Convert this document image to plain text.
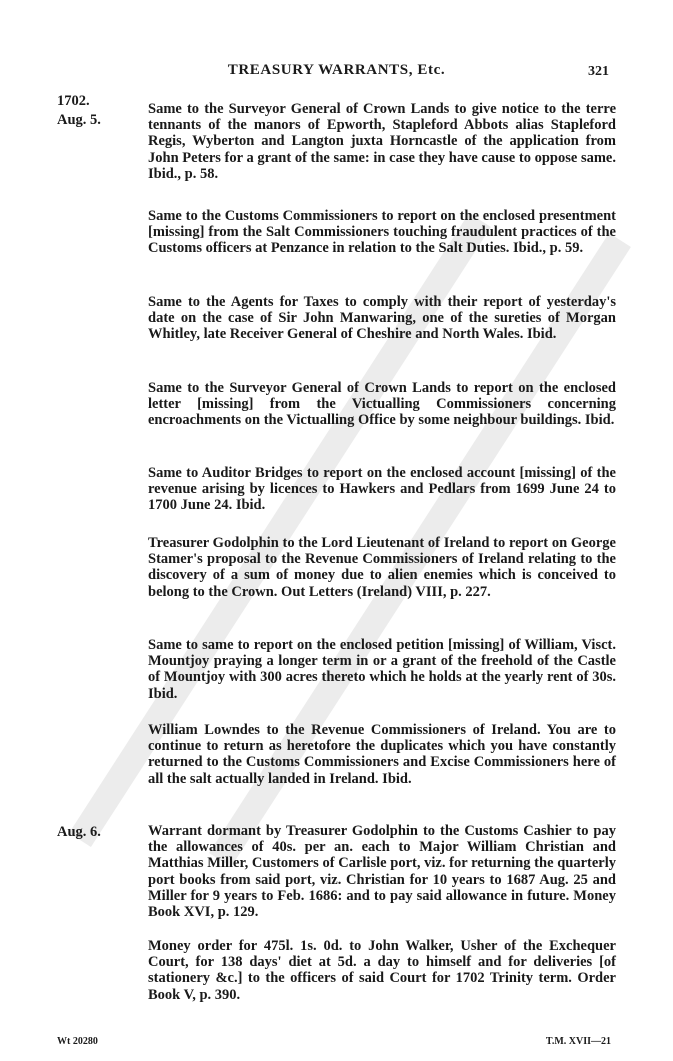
TREASURY WARRANTS, Etc.	321
1702.
Aug. 5.
Same to the Surveyor General of Crown Lands to give notice to the terre tennants of the manors of Epworth, Stapleford Abbots alias Stapleford Regis, Wyberton and Langton juxta Horncastle of the application from John Peters for a grant of the same: in case they have cause to oppose same. Ibid., p. 58.
Same to the Customs Commissioners to report on the enclosed presentment [missing] from the Salt Commissioners touching fraudulent practices of the Customs officers at Penzance in relation to the Salt Duties. Ibid., p. 59.
Same to the Agents for Taxes to comply with their report of yesterday's date on the case of Sir John Manwaring, one of the sureties of Morgan Whitley, late Receiver General of Cheshire and North Wales. Ibid.
Same to the Surveyor General of Crown Lands to report on the enclosed letter [missing] from the Victualling Commissioners concerning encroachments on the Victualling Office by some neighbour buildings. Ibid.
Same to Auditor Bridges to report on the enclosed account [missing] of the revenue arising by licences to Hawkers and Pedlars from 1699 June 24 to 1700 June 24. Ibid.
Treasurer Godolphin to the Lord Lieutenant of Ireland to report on George Stamer's proposal to the Revenue Commissioners of Ireland relating to the discovery of a sum of money due to alien enemies which is conceived to belong to the Crown. Out Letters (Ireland) VIII, p. 227.
Same to same to report on the enclosed petition [missing] of William, Visct. Mountjoy praying a longer term in or a grant of the freehold of the Castle of Mountjoy with 300 acres thereto which he holds at the yearly rent of 30s. Ibid.
William Lowndes to the Revenue Commissioners of Ireland. You are to continue to return as heretofore the duplicates which you have constantly returned to the Customs Commissioners and Excise Commissioners here of all the salt actually landed in Ireland. Ibid.
Aug. 6.	Warrant dormant by Treasurer Godolphin to the Customs Cashier to pay the allowances of 40s. per an. each to Major William Christian and Matthias Miller, Customers of Carlisle port, viz. for returning the quarterly port books from said port, viz. Christian for 10 years to 1687 Aug. 25 and Miller for 9 years to Feb. 1686: and to pay said allowance in future. Money Book XVI, p. 129.
Money order for 475l. 1s. 0d. to John Walker, Usher of the Exchequer Court, for 138 days' diet at 5d. a day to himself and for deliveries [of stationery &c.] to the officers of said Court for 1702 Trinity term. Order Book V, p. 390.
Wt 20280	T.M. XVII—21
